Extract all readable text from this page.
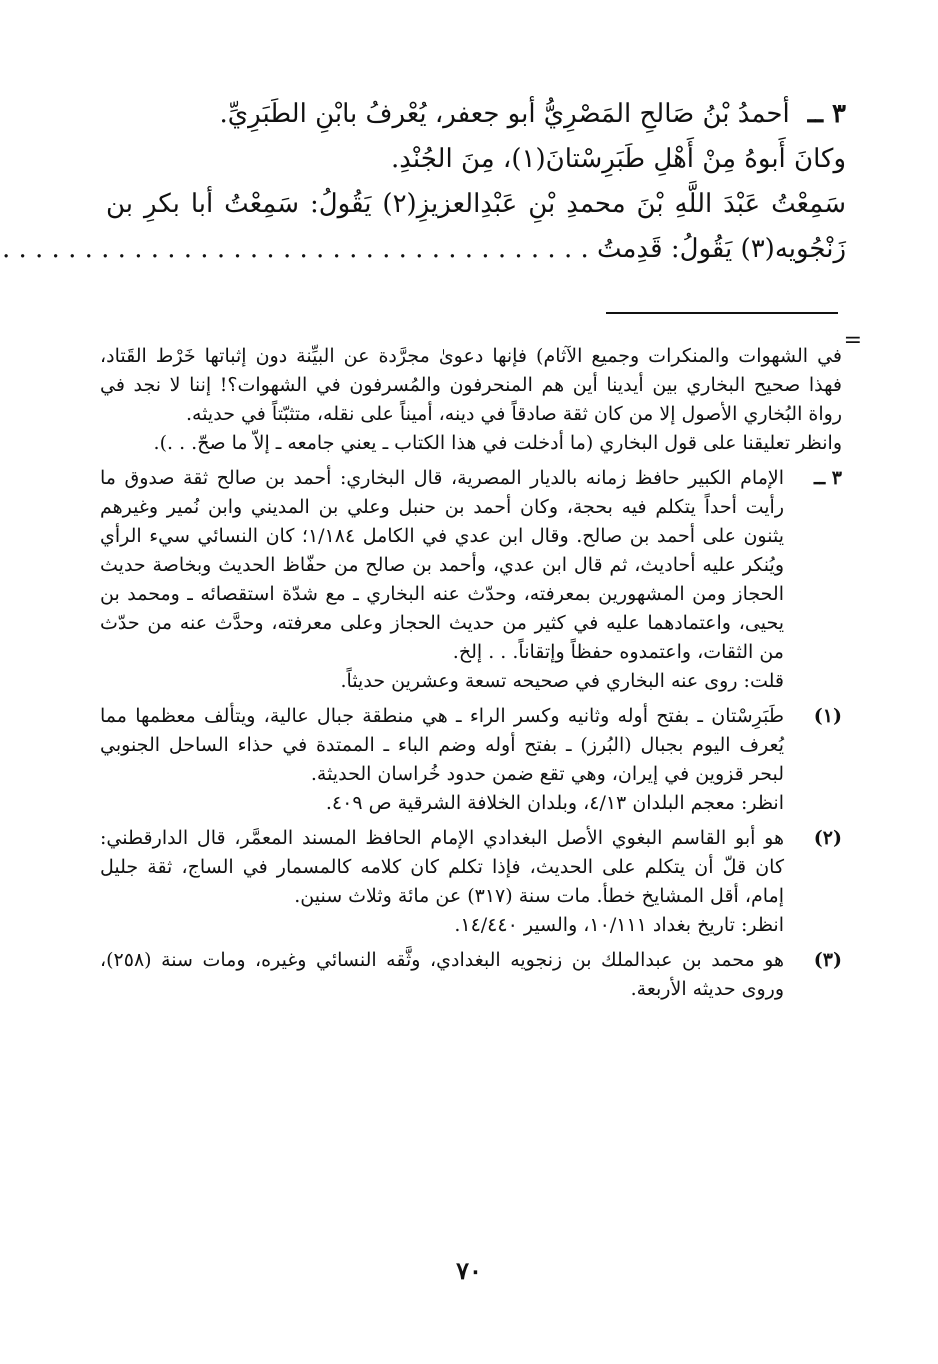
٣ ــأحمدُ بْنُ صَالحِ المَصْرِيُّ أبو جعفر، يُعْرفُ بابْنِ الطَبَرِيِّ.
وكانَ أَبوهُ مِنْ أَهْلِ طَبَرِسْتانَ(١)، مِنَ الجُنْدِ.
سَمِعْتُ عَبْدَ اللَّهِ بْنَ محمدِ بْنِ عَبْدِالعزيزِ(٢) يَقُولُ: سَمِعْتُ أبا بكرِ بن
زَنْجُويه(٣) يَقُولُ: قَدِمتُ . . . . . . . . . . . . . . . . . . . . . . . . . . . . . . . . . . . .
=

في الشهوات والمنكرات وجميع الآثام) فإنها دعوىٰ مجرَّدة عن البيِّنة دون إثباتها خَرْط القَتاد، فهذا صحيح البخاري بين أيدينا أين هم المنحرفون والمُسرفون في الشهوات؟! إننا لا نجد في رواة البُخاري الأصول إلا من كان ثقة صادقاً في دينه، أميناً على نقله، متثبّتاً في حديثه.

وانظر تعليقنا على قول البخاري (ما أدخلت في هذا الكتاب ـ يعني جامعه ـ إلاّ ما صحّ. . .).

٣ ــ

الإمام الكبير حافظ زمانه بالديار المصرية، قال البخاري: أحمد بن صالح ثقة صدوق ما رأيت أحداً يتكلم فيه بحجة، وكان أحمد بن حنبل وعلي بن المديني وابن نُمير وغيرهم يثنون على أحمد بن صالح. وقال ابن عدي في الكامل ١/١٨٤؛ كان النسائي سيء الرأي ويُنكر عليه أحاديث، ثم قال ابن عدي، وأحمد بن صالح من حفّاظ الحديث وبخاصة حديث الحجاز ومن المشهورين بمعرفته، وحدّث عنه البخاري ـ مع شدّة استقصائه ـ ومحمد بن يحيى، واعتمادهما عليه في كثير من حديث الحجاز وعلى معرفته، وحدَّث عنه من حدّث من الثقات، واعتمدوه حفظاً وإتقاناً. . . إلخ.

قلت: روى عنه البخاري في صحيحه تسعة وعشرين حديثاً.

(١)

طَبَرِسْتان ـ بفتح أوله وثانيه وكسر الراء ـ هي منطقة جبال عالية، ويتألف معظمها مما يُعرف اليوم بجبال (البُرز) ـ بفتح أوله وضم الباء ـ الممتدة في حذاء الساحل الجنوبي لبحر قزوين في إيران، وهي تقع ضمن حدود خُراسان الحديثة.

انظر: معجم البلدان ٤/١٣، وبلدان الخلافة الشرقية ص ٤٠٩.

(٢)

هو أبو القاسم البغوي الأصل البغدادي الإمام الحافظ المسند المعمَّر، قال الدارقطني: كان قلّ أن يتكلم على الحديث، فإذا تكلم كان كلامه كالمسمار في الساج، ثقة جليل إمام، أقل المشايخ خطأ. مات سنة (٣١٧) عن مائة وثلاث سنين.

انظر: تاريخ بغداد ١٠/١١١، والسير ١٤/٤٤٠.

(٣)

هو محمد بن عبدالملك بن زنجويه البغدادي، وثَّقه النسائي وغيره، ومات سنة (٢٥٨)، وروى حديثه الأربعة.

٧٠
